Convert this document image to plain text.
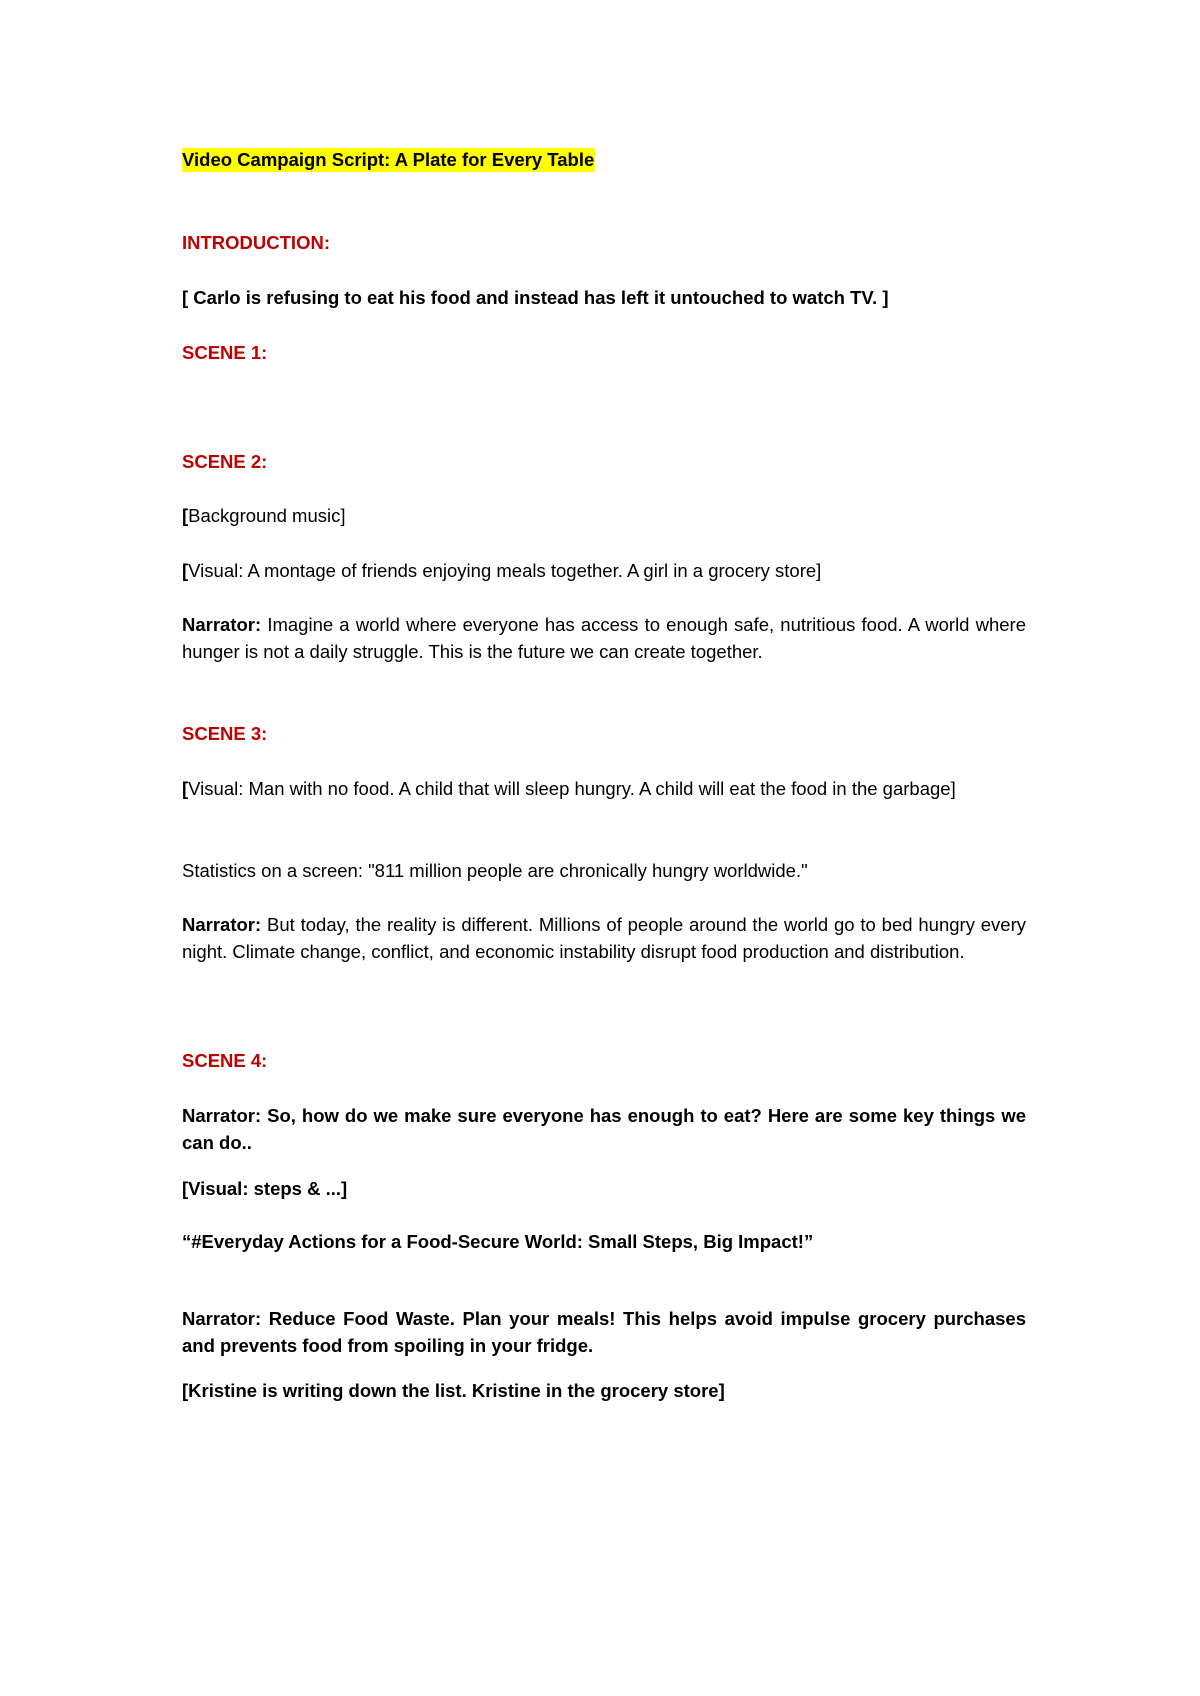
Video Campaign Script: A Plate for Every Table
INTRODUCTION:
[ Carlo is refusing to eat his food and instead has left it untouched to watch TV. ]
SCENE 1:
SCENE 2:
[Background music]
[Visual: A montage of friends enjoying meals together. A girl in a grocery store]
Narrator: Imagine a world where everyone has access to enough safe, nutritious food. A world where hunger is not a daily struggle. This is the future we can create together.
SCENE 3:
[Visual: Man with no food. A child that will sleep hungry. A child will eat the food in the garbage]
Statistics on a screen: "811 million people are chronically hungry worldwide."
Narrator: But today, the reality is different. Millions of people around the world go to bed hungry every night. Climate change, conflict, and economic instability disrupt food production and distribution.
SCENE 4:
Narrator: So, how do we make sure everyone has enough to eat? Here are some key things we can do..
[Visual: steps & ...]
“#Everyday Actions for a Food-Secure World: Small Steps, Big Impact!”
Narrator: Reduce Food Waste. Plan your meals! This helps avoid impulse grocery purchases and prevents food from spoiling in your fridge.
[Kristine is writing down the list. Kristine in the grocery store]
